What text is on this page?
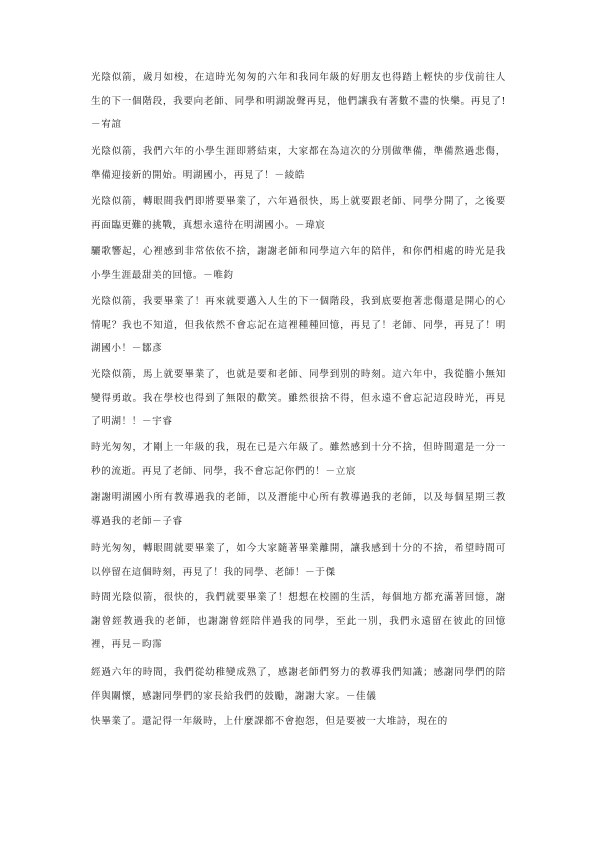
光陰似箭，歲月如梭，在這時光匆匆的六年和我同年級的好朋友也得踏上輕快的步伐前往人生的下一個階段，我要向老師、同學和明湖說聲再見，他們讓我有著數不盡的快樂。再見了!－宥誼

光陰似箭，我們六年的小學生涯即將結束，大家都在為這次的分別做準備，準備熬過悲傷，準備迎接新的開始。明湖國小，再見了！－綾皓

光陰似箭，轉眼間我們即將要畢業了，六年過很快，馬上就要跟老師、同學分開了，之後要再面臨更難的挑戰，真想永遠待在明湖國小。－瑋宸

驪歌響起，心裡感到非常依依不捨，謝謝老師和同學這六年的陪伴，和你們相處的時光是我小學生涯最甜美的回憶。－唯鈞

光陰似箭，我要畢業了！再來就要邁入人生的下一個階段，我到底要抱著悲傷還是開心的心情呢？我也不知道，但我依然不會忘記在這裡種種回憶，再見了！老師、同學，再見了！明湖國小！－鄒彥

光陰似箭，馬上就要畢業了，也就是要和老師、同學到別的時刻。這六年中，我從膽小無知變得勇敢。我在學校也得到了無限的歡笑。雖然很捨不得，但永遠不會忘記這段時光，再見了明湖！！－宇睿

時光匆匆，才剛上一年級的我，現在已是六年級了。雖然感到十分不捨，但時間還是一分一秒的流逝。再見了老師、同學，我不會忘記你們的！－立宸

謝謝明湖國小所有教導過我的老師，以及潛能中心所有教導過我的老師，以及每個星期三教導過我的老師－子睿

時光匆匆，轉眼間就要畢業了，如今大家隨著畢業離開，讓我感到十分的不捨，希望時間可以停留在這個時刻，再見了！我的同學、老師！－于傑

時間光陰似箭，很快的，我們就要畢業了！想想在校園的生活，每個地方都充滿著回憶，謝謝曾經教過我的老師，也謝謝曾經陪伴過我的同學，至此一別，我們永遠留在彼此的回憶裡，再見－昀霈

經過六年的時間，我們從幼稚變成熟了，感謝老師們努力的教導我們知識；感謝同學們的陪伴與關懷，感謝同學們的家長給我們的鼓勵，謝謝大家。－佳儀

快畢業了。還記得一年級時，上什麼課都不會抱怨，但是要被一大堆詩，現在的
